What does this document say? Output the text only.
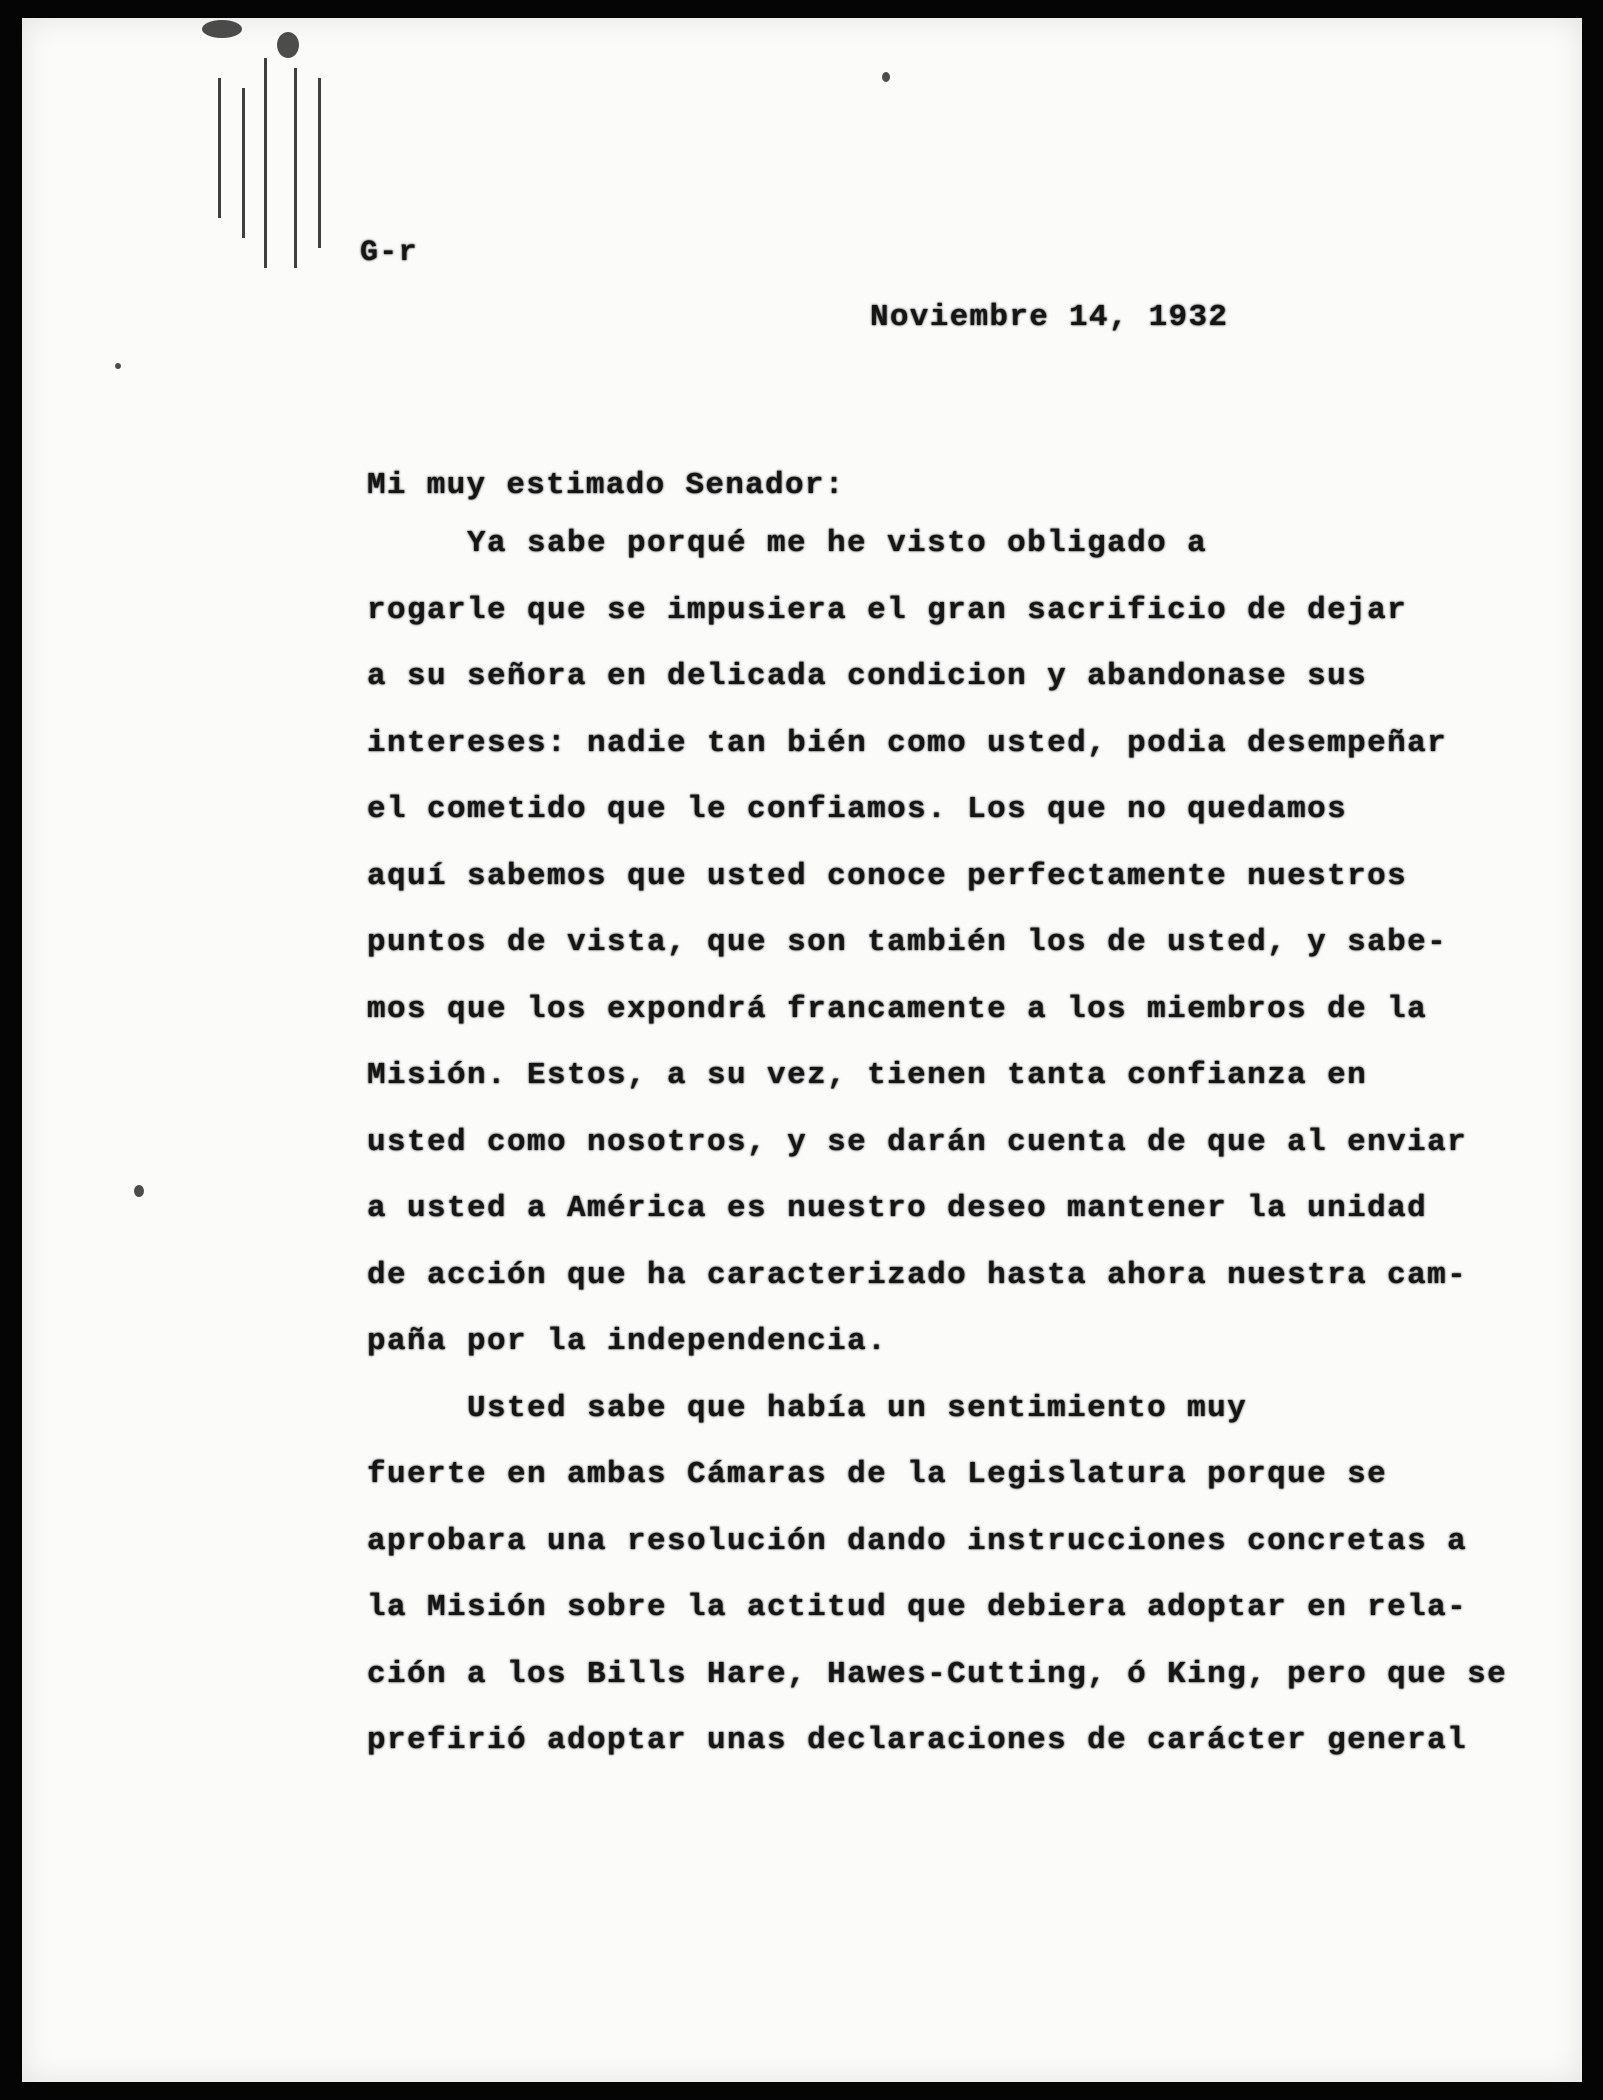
G-r
Noviembre 14, 1932
Mi muy estimado Senador:
Ya sabe porqué me he visto obligado a
rogarle que se impusiera el gran sacrificio de dejar
a su señora en delicada condicion y abandonase sus
intereses: nadie tan bién como usted, podia desempeñar
el cometido que le confiamos. Los que no quedamos
aquí sabemos que usted conoce perfectamente nuestros
puntos de vista, que son también los de usted, y sabe-
mos que los expondrá francamente a los miembros de la
Misión. Estos, a su vez, tienen tanta confianza en
usted como nosotros, y se darán cuenta de que al enviar
a usted a América es nuestro deseo mantener la unidad
de acción que ha caracterizado hasta ahora nuestra cam-
paña por la independencia.
Usted sabe que había un sentimiento muy
fuerte en ambas Cámaras de la Legislatura porque se
aprobara una resolución dando instrucciones concretas a
la Misión sobre la actitud que debiera adoptar en rela-
ción a los Bills Hare, Hawes-Cutting, ó King, pero que se
prefirió adoptar unas declaraciones de carácter general
